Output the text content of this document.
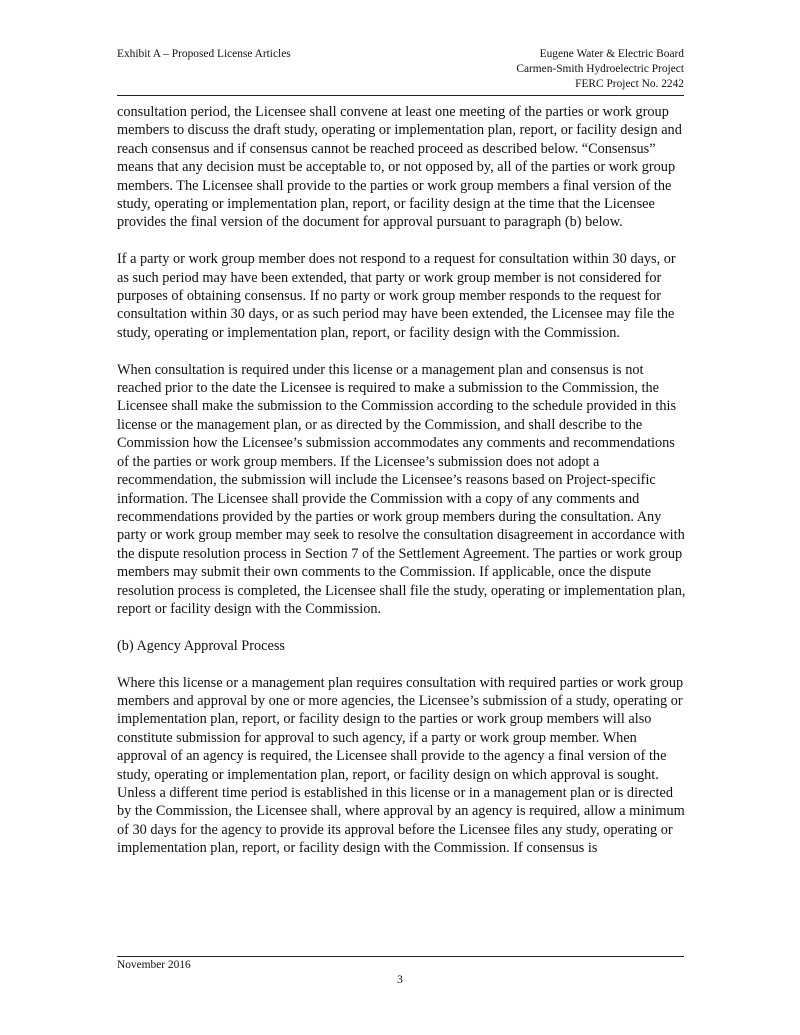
Exhibit A – Proposed License Articles	Eugene Water & Electric Board
Carmen-Smith Hydroelectric Project
FERC Project No. 2242

consultation period, the Licensee shall convene at least one meeting of the parties or work group members to discuss the draft study, operating or implementation plan, report, or facility design and reach consensus and if consensus cannot be reached proceed as described below. “Consensus” means that any decision must be acceptable to, or not opposed by, all of the parties or work group members. The Licensee shall provide to the parties or work group members a final version of the study, operating or implementation plan, report, or facility design at the time that the Licensee provides the final version of the document for approval pursuant to paragraph (b) below.

If a party or work group member does not respond to a request for consultation within 30 days, or as such period may have been extended, that party or work group member is not considered for purposes of obtaining consensus. If no party or work group member responds to the request for consultation within 30 days, or as such period may have been extended, the Licensee may file the study, operating or implementation plan, report, or facility design with the Commission.

When consultation is required under this license or a management plan and consensus is not reached prior to the date the Licensee is required to make a submission to the Commission, the Licensee shall make the submission to the Commission according to the schedule provided in this license or the management plan, or as directed by the Commission, and shall describe to the Commission how the Licensee’s submission accommodates any comments and recommendations of the parties or work group members. If the Licensee’s submission does not adopt a recommendation, the submission will include the Licensee’s reasons based on Project-specific information. The Licensee shall provide the Commission with a copy of any comments and recommendations provided by the parties or work group members during the consultation. Any party or work group member may seek to resolve the consultation disagreement in accordance with the dispute resolution process in Section 7 of the Settlement Agreement. The parties or work group members may submit their own comments to the Commission. If applicable, once the dispute resolution process is completed, the Licensee shall file the study, operating or implementation plan, report or facility design with the Commission.

(b) Agency Approval Process

Where this license or a management plan requires consultation with required parties or work group members and approval by one or more agencies, the Licensee’s submission of a study, operating or implementation plan, report, or facility design to the parties or work group members will also constitute submission for approval to such agency, if a party or work group member. When approval of an agency is required, the Licensee shall provide to the agency a final version of the study, operating or implementation plan, report, or facility design on which approval is sought. Unless a different time period is established in this license or in a management plan or is directed by the Commission, the Licensee shall, where approval by an agency is required, allow a minimum of 30 days for the agency to provide its approval before the Licensee files any study, operating or implementation plan, report, or facility design with the Commission. If consensus is

November 2016
3
